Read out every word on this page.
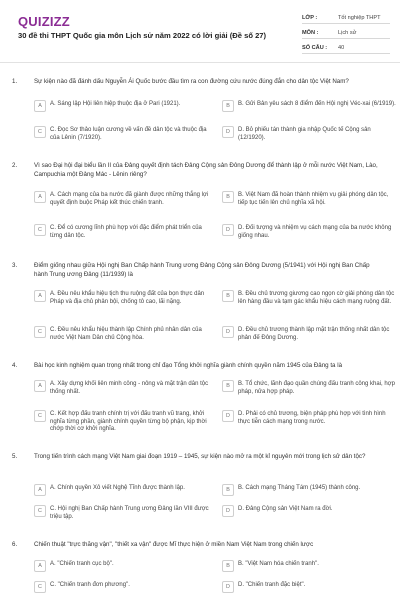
QUIZIZZ
30 đề thi THPT Quốc gia môn Lịch sử năm 2022 có lời giải (Đề số 27)
LỚP :	Tốt nghiệp THPT
MÔN :	Lịch sử
SỐ CÂU :	40
1.	Sự kiện nào đã đánh dấu Nguyễn Ái Quốc bước đầu tìm ra con đường cứu nước đúng đắn cho dân tộc Việt Nam?
A	A. Sáng lập Hội liên hiệp thuộc địa ở Pari (1921).	B	B. Gửi Bản yêu sách 8 điểm đến Hội nghị Véc-xai (6/1919).
C	C. Đọc Sơ thảo luận cương về vấn đề dân tộc và thuộc địa của Lênin (7/1920).
D	D. Bỏ phiếu tán thành gia nhập Quốc tế Cộng sản (12/1920).
2.	Vì sao Đại hội đại biểu lần II của Đảng quyết định tách Đảng Cộng sản Đông Dương để thành lập ở mỗi nước Việt Nam, Lào, Campuchia một Đảng Mác - Lênin riêng?
A	A. Cách mạng của ba nước đã giành được những thắng lợi quyết định buộc Pháp kết thúc chiến tranh.
B	B. Việt Nam đã hoàn thành nhiệm vụ giải phóng dân tộc, tiếp tục tiến lên chủ nghĩa xã hội.
C	C. Để có cương lĩnh phù hợp với đặc điểm phát triển của từng dân tộc.
D	D. Đối tượng và nhiệm vụ cách mạng của ba nước không giống nhau.
3.	Điểm giống nhau giữa Hội nghị Ban Chấp hành Trung ương Đảng Cộng sản Đông Dương (5/1941) với Hội nghị Ban Chấp hành Trung ương Đảng (11/1939) là
A	A. Đều nêu khẩu hiệu tịch thu ruộng đất của bọn thực dân Pháp và địa chủ phản bội, chống tô cao, lãi nặng.
B	B. Đều chủ trương giương cao ngọn cờ giải phóng dân tộc lên hàng đầu và tạm gác khẩu hiệu cách mạng ruộng đất.
C	C. Đều nêu khẩu hiệu thành lập Chính phủ nhân dân của nước Việt Nam Dân chủ Cộng hòa.
D	D. Đều chủ trương thành lập mặt trận thống nhất dân tộc phản đế Đông Dương.
4.	Bài học kinh nghiệm quan trọng nhất trong chỉ đạo Tổng khởi nghĩa giành chính quyền năm 1945 của Đảng ta là
A	A. Xây dựng khối liên minh công - nông và mặt trận dân tộc thống nhất.
B	B. Tổ chức, lãnh đạo quần chúng đấu tranh công khai, hợp pháp, nửa hợp pháp.
C	C. Kết hợp đấu tranh chính trị với đấu tranh vũ trang, khởi nghĩa từng phần, giành chính quyền từng bộ phận, kịp thời chớp thời cơ khởi nghĩa.
D	D. Phải có chủ trương, biện pháp phù hợp với tình hình thực tiễn cách mạng trong nước.
5.	Trong tiến trình cách mạng Việt Nam giai đoạn 1919 – 1945, sự kiện nào mở ra một kỉ nguyên mới trong lịch sử dân tộc?
A	A. Chính quyền Xô viết Nghệ Tĩnh được thành lập.	B	B. Cách mạng Tháng Tám (1945) thành công.
C	C. Hội nghị Ban Chấp hành Trung ương Đảng lần VIII được triệu tập.
D	D. Đảng Cộng sản Việt Nam ra đời.
6.	Chiến thuật "trực thăng vận", "thiết xa vận" được Mĩ thực hiện ở miền Nam Việt Nam trong chiến lược
A	A. "Chiến tranh cục bộ".	B	B. "Việt Nam hóa chiến tranh".
C	C. "Chiến tranh đơn phương".	D	D. "Chiến tranh đặc biệt".
